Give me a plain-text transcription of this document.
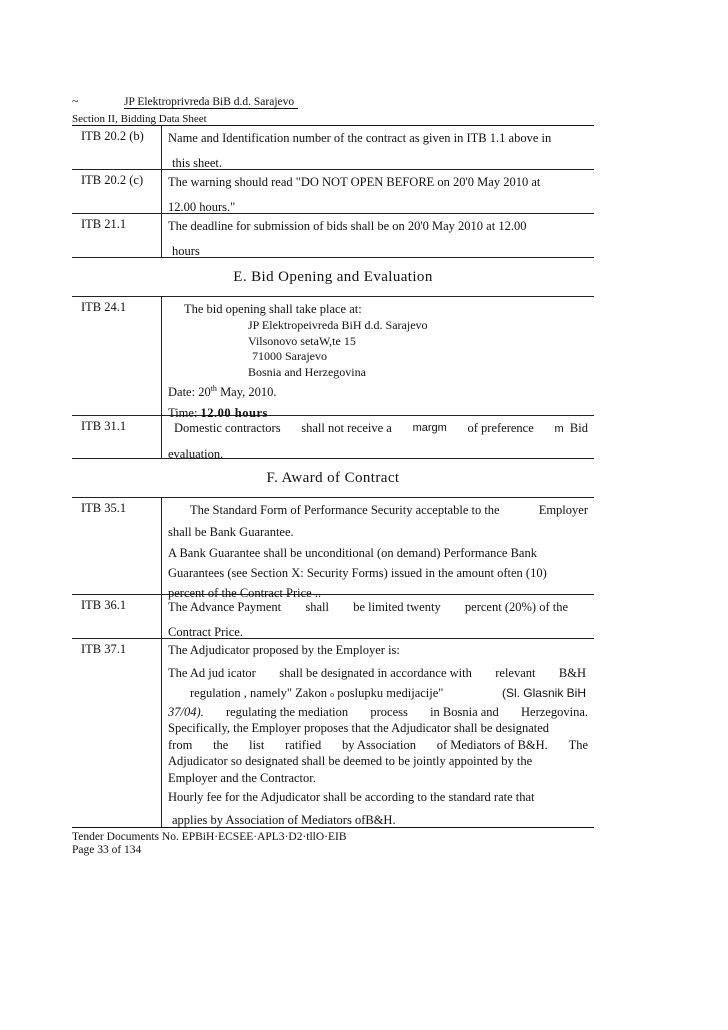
~	JP Elektroprivreda BiB d.d. Sarajevo
Section II, Bidding Data Sheet
ITB 20.2 (b)	Name and Identification number of the contract as given in ITB 1.1 above in

this sheet.

ITB 20.2 (c)	The warning should read "DO NOT OPEN BEFORE on 20'0 May 2010 at

12.00 hours."

ITB 21.1	The deadline for submission of bids shall be on 20'0 May 2010 at 12.00

hours

E. Bid Opening and Evaluation
ITB 24.1	The bid opening shall take place at:

JP Elektropeivreda BiH d.d. Sarajevo
Vilsonovo setaW,te 15
71000 Sarajevo
Bosnia and Herzegovina

Date: 20th May, 2010.

Time: 12.00 hours

ITB 31.1	Domestic contractors shall not receive a margm of preference m Bid

evaluation.

F. Award of Contract
ITB 35.1	The Standard Form of Performance Security acceptable to the	Employer

shall be Bank Guarantee.

A Bank Guarantee shall be unconditional (on demand) Performance Bank

Guarantees (see Section X: Security Forms) issued in the amount often (10)

percent of the Contract Price ..

ITB 36.1	The Advance Payment shall be limited twenty percent (20%) of the

Contract Price.

ITB 37.1	The Adjudicator proposed by the Employer is:

The Ad jud icator shall be designated in accordance with relevant B&H
regulation , namely" Zakon o poslupku medijacije"	(Sl. Glasnik BiH
37/04). regulating the mediation process in Bosnia and Herzegovina.

Specifically, the Employer proposes that the Adjudicator shall be designated

from the list ratified by Association of Mediators of B&H. The

Adjudicator so designated shall be deemed to be jointly appointed by the

Employer and the Contractor.

Hourly fee for the Adjudicator shall be according to the standard rate that

applies by Association of Mediators ofB&H.

Tender Documents No. EPBiH·ECSEE·APL3·D2·tllO·EIB
Page 33 of 134
